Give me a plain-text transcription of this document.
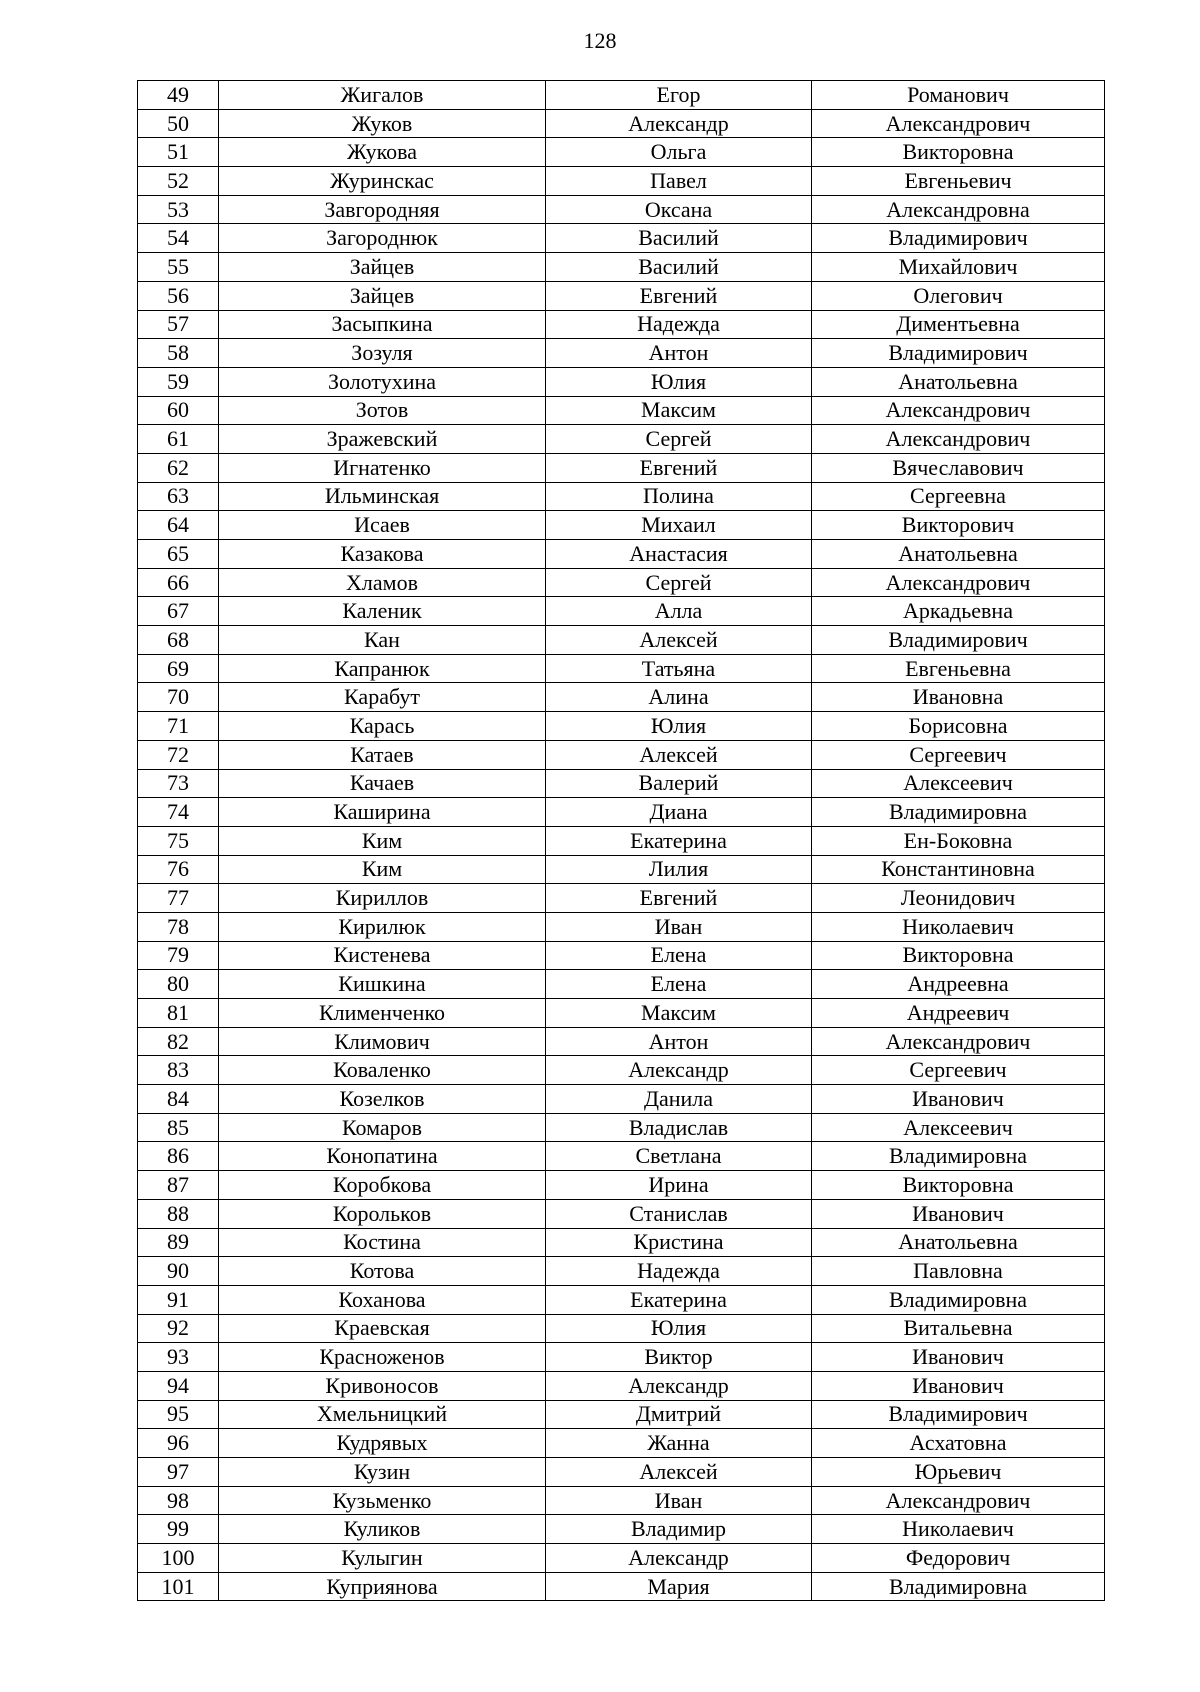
128
49	Жигалов	Егор	Романович
50	Жуков	Александр	Александрович
51	Жукова	Ольга	Викторовна
52	Журинскас	Павел	Евгеньевич
53	Завгородняя	Оксана	Александровна
54	Загороднюк	Василий	Владимирович
55	Зайцев	Василий	Михайлович
56	Зайцев	Евгений	Олегович
57	Засыпкина	Надежда	Диментьевна
58	Зозуля	Антон	Владимирович
59	Золотухина	Юлия	Анатольевна
60	Зотов	Максим	Александрович
61	Зражевский	Сергей	Александрович
62	Игнатенко	Евгений	Вячеславович
63	Ильминская	Полина	Сергеевна
64	Исаев	Михаил	Викторович
65	Казакова	Анастасия	Анатольевна
66	Хламов	Сергей	Александрович
67	Каленик	Алла	Аркадьевна
68	Кан	Алексей	Владимирович
69	Капранюк	Татьяна	Евгеньевна
70	Карабут	Алина	Ивановна
71	Карась	Юлия	Борисовна
72	Катаев	Алексей	Сергеевич
73	Качаев	Валерий	Алексеевич
74	Каширина	Диана	Владимировна
75	Ким	Екатерина	Ен-Боковна
76	Ким	Лилия	Константиновна
77	Кириллов	Евгений	Леонидович
78	Кирилюк	Иван	Николаевич
79	Кистенева	Елена	Викторовна
80	Кишкина	Елена	Андреевна
81	Клименченко	Максим	Андреевич
82	Климович	Антон	Александрович
83	Коваленко	Александр	Сергеевич
84	Козелков	Данила	Иванович
85	Комаров	Владислав	Алексеевич
86	Конопатина	Светлана	Владимировна
87	Коробкова	Ирина	Викторовна
88	Корольков	Станислав	Иванович
89	Костина	Кристина	Анатольевна
90	Котова	Надежда	Павловна
91	Коханова	Екатерина	Владимировна
92	Краевская	Юлия	Витальевна
93	Красноженов	Виктор	Иванович
94	Кривоносов	Александр	Иванович
95	Хмельницкий	Дмитрий	Владимирович
96	Кудрявых	Жанна	Асхатовна
97	Кузин	Алексей	Юрьевич
98	Кузьменко	Иван	Александрович
99	Куликов	Владимир	Николаевич
100	Кулыгин	Александр	Федорович
101	Куприянова	Мария	Владимировна
